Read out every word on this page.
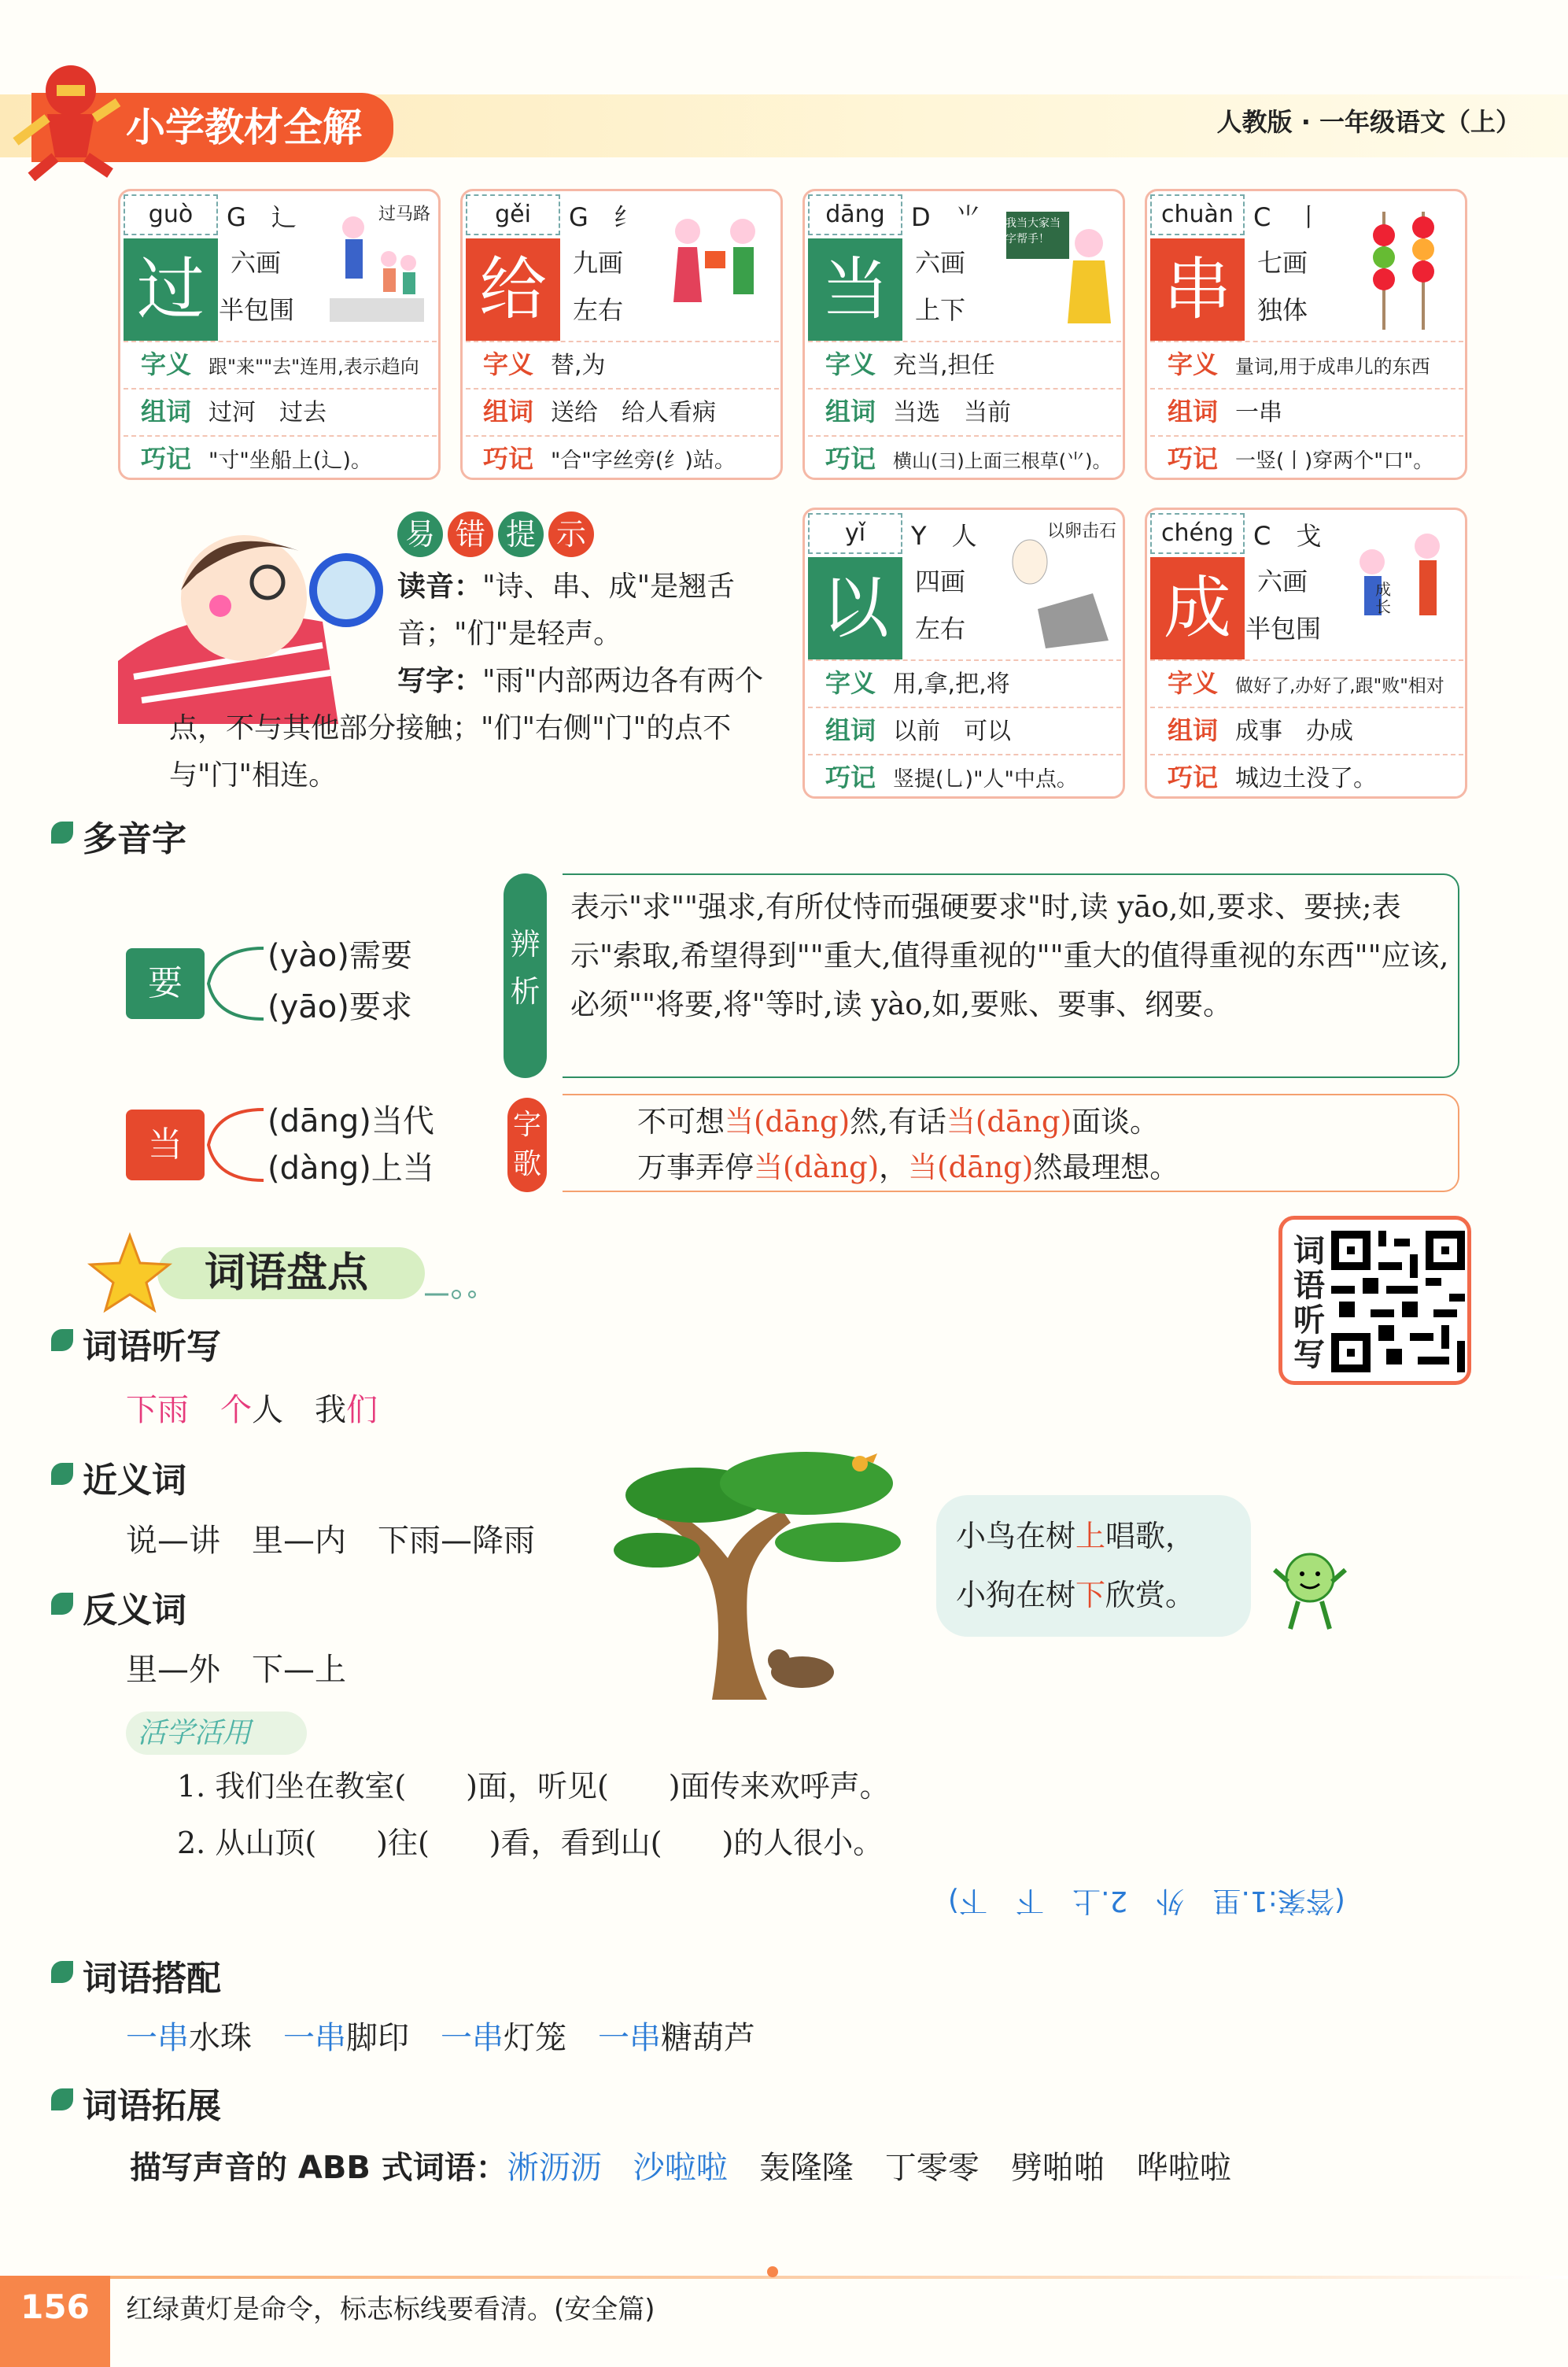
小学教材全解	人教版 · 一年级语文（上）
guò
过
G　 辶
六画
半包围
过马路
字义 跟"来""去"连用,表示趋向
组词 过河　过去
巧记 "寸"坐船上(辶)。
gěi
给
G　 纟
九画
左右
字义 替,为
组词 送给　给人看病
巧记 "合"字丝旁(纟)站。
dāng
当
D　 ⺌
六画
上下
我当大家当字帮手！
字义 充当,担任
组词 当选　当前
巧记 横山(彐)上面三根草(⺌)。
chuàn
串
C　 丨
七画
独体
字义 量词,用于成串儿的东西
组词 一串
巧记 一竖(丨)穿两个"口"。
易 错 提 示
读音："诗、串、成"是翘舌音；"们"是轻声。
写字："雨"内部两边各有两个点，不与其他部分接触；"们"右侧"门"的点不与"门"相连。
yǐ
以
Y　 人
四画
左右
以卵击石
字义 用,拿,把,将
组词 以前　可以
巧记 竖提(乚)"人"中点。
chéng
成
C　 戈
六画
半包围
成长
字义 做好了,办好了,跟"败"相对
组词 成事　办成
巧记 城边土没了。
多音字
要
(yào)需要
(yāo)要求
辨
析
表示"求""强求,有所仗恃而强硬要求"时,读 yāo,如,要求、要挟;表示"索取,希望得到""重大,值得重视的""重大的值得重视的东西""应该,必须""将要,将"等时,读 yào,如,要账、要事、纲要。
当
(dāng)当代
(dàng)上当
字
歌
不可想当(dāng)然,有话当(dāng)面谈。
万事弄停当(dàng)，当(dāng)然最理想。
词语盘点	词
语
听
写
词语听写
下雨　 个人　 我们
近义词
说—讲　里—内　下雨—降雨
反义词
里—外　下—上
小鸟在树上唱歌，
小狗在树下欣赏。
活学活用
1. 我们坐在教室(　　)面，听见(　　)面传来欢呼声。
2. 从山顶(　　)往(　　)看，看到山(　　)的人很小。
(答案:1.里　外　2.上　下　下)
词语搭配
一串水珠　 一串脚印　 一串灯笼　 一串糖葫芦
词语拓展
描写声音的 ABB 式词语：淅沥沥　 沙啦啦　 轰隆隆　 丁零零　 劈啪啪　 哗啦啦
156	红绿黄灯是命令，标志标线要看清。(安全篇)
